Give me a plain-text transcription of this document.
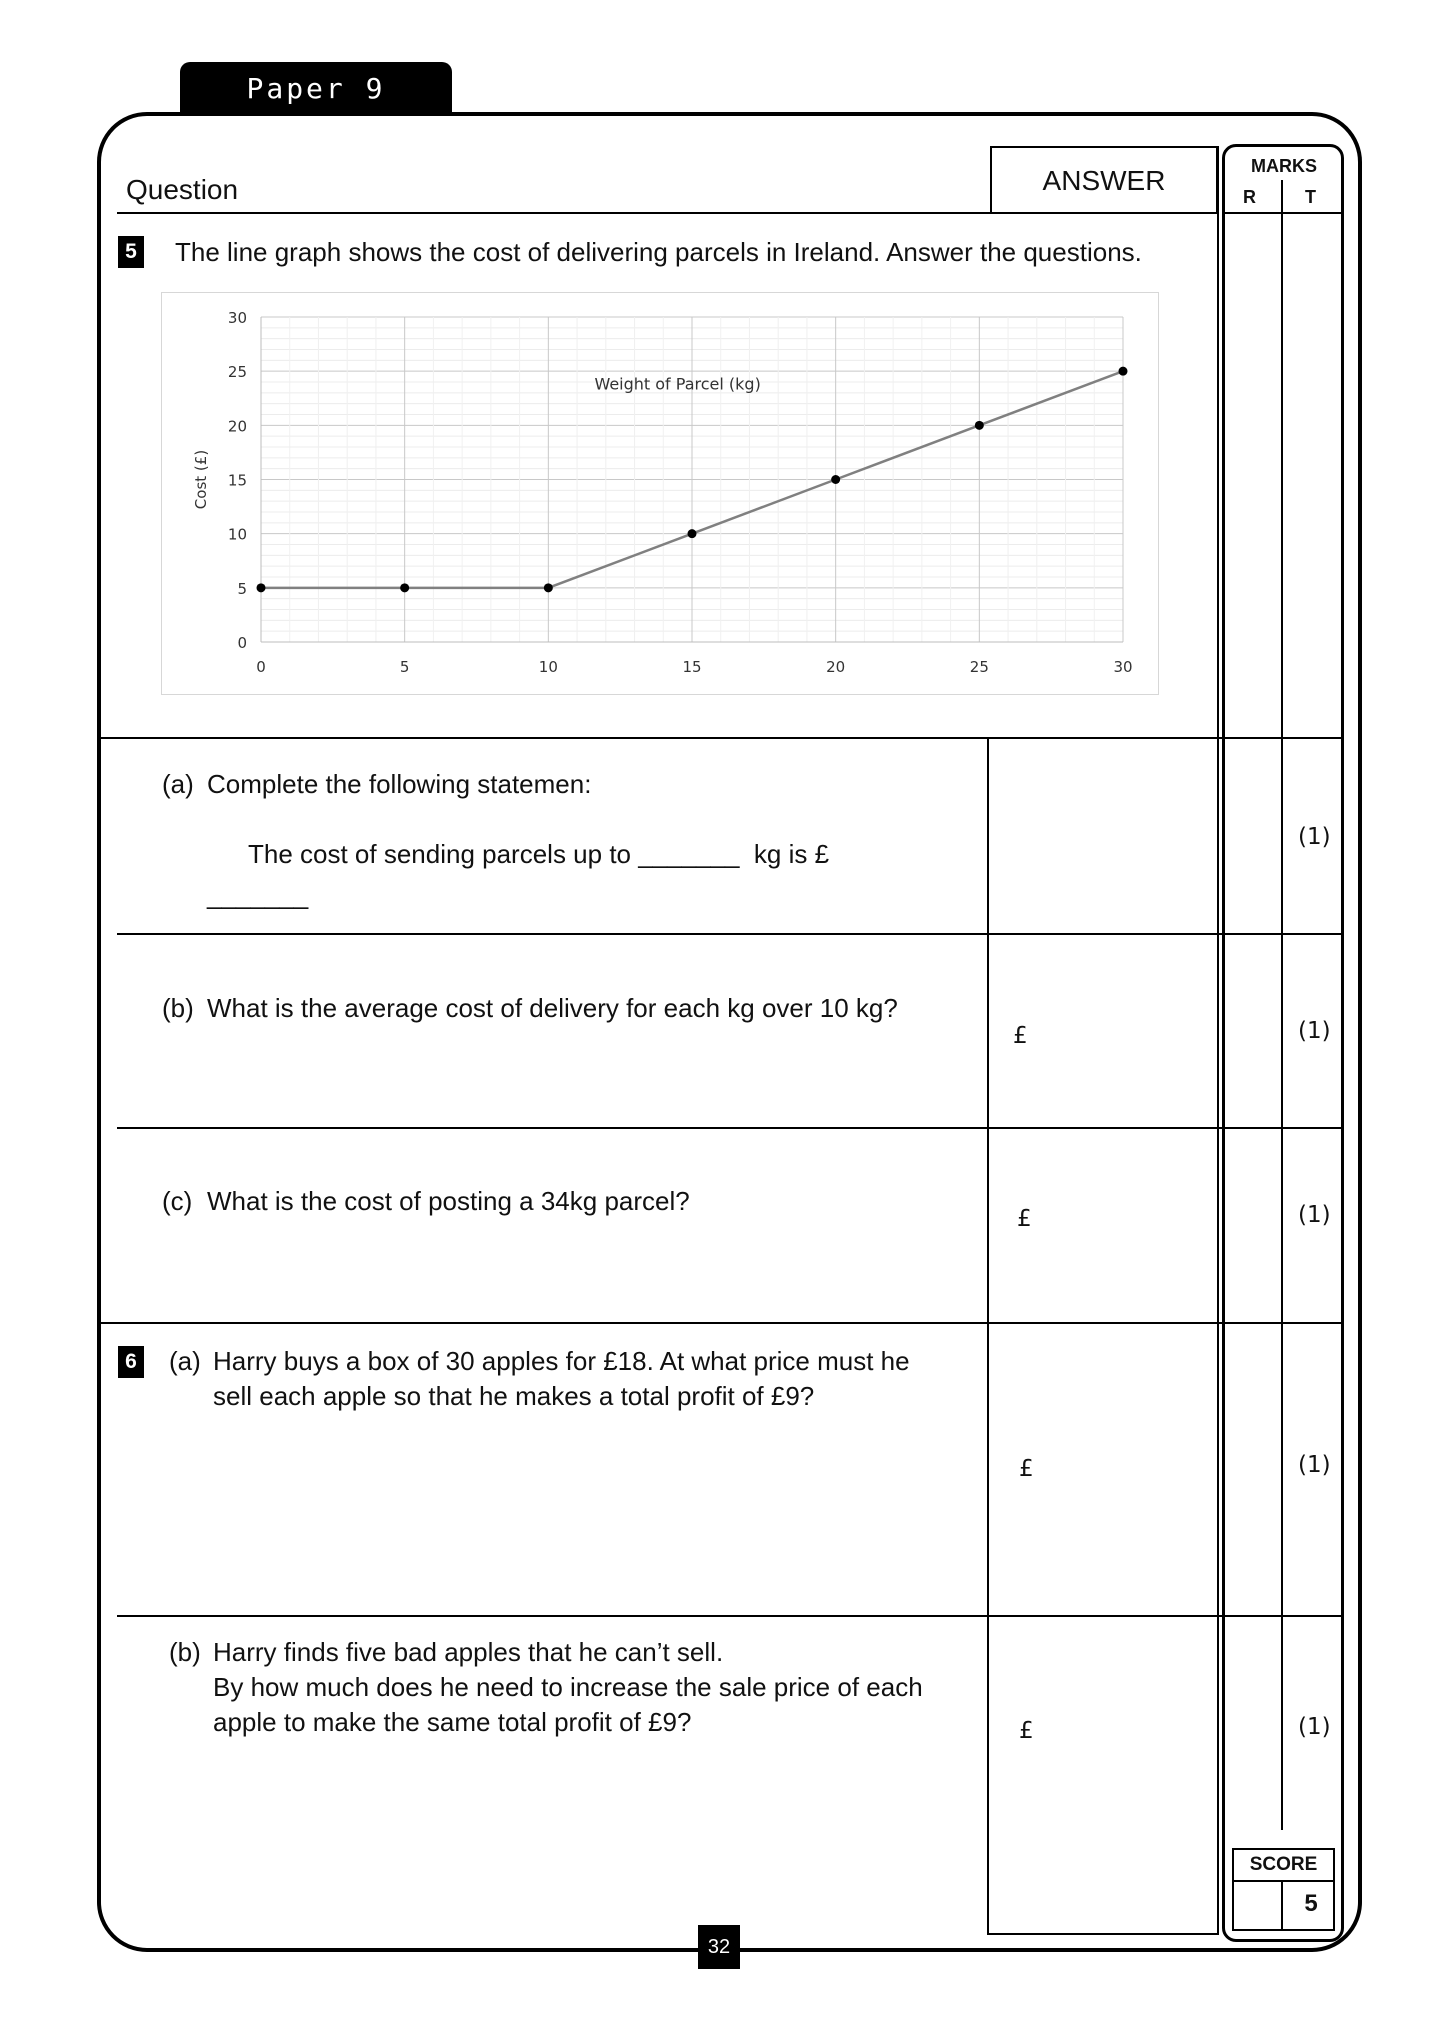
Paper 9
Question	ANSWER	MARKS
R	T
5 The line graph shows the cost of delivering parcels in Ireland. Answer the questions.
0
5
10
15
20
25
30
0	5	10	15	20	25	30
Weight of Parcel (kg)
Cost (£)
(a) Complete the following statemen:
The cost of sending parcels up to _______  kg is £
_______
(1)
(b) What is the average cost of delivery for each kg over 10 kg?
£	(1)
(c) What is the cost of posting a 34kg parcel?
£	(1)
6 (a) Harry buys a box of 30 apples for £18. At what price must he
sell each apple so that he makes a total profit of £9?
£	(1)
(b) Harry finds five bad apples that he can’t sell.
By how much does he need to increase the sale price of each
apple to make the same total profit of £9?	£	(1)
SCORE
5
32
